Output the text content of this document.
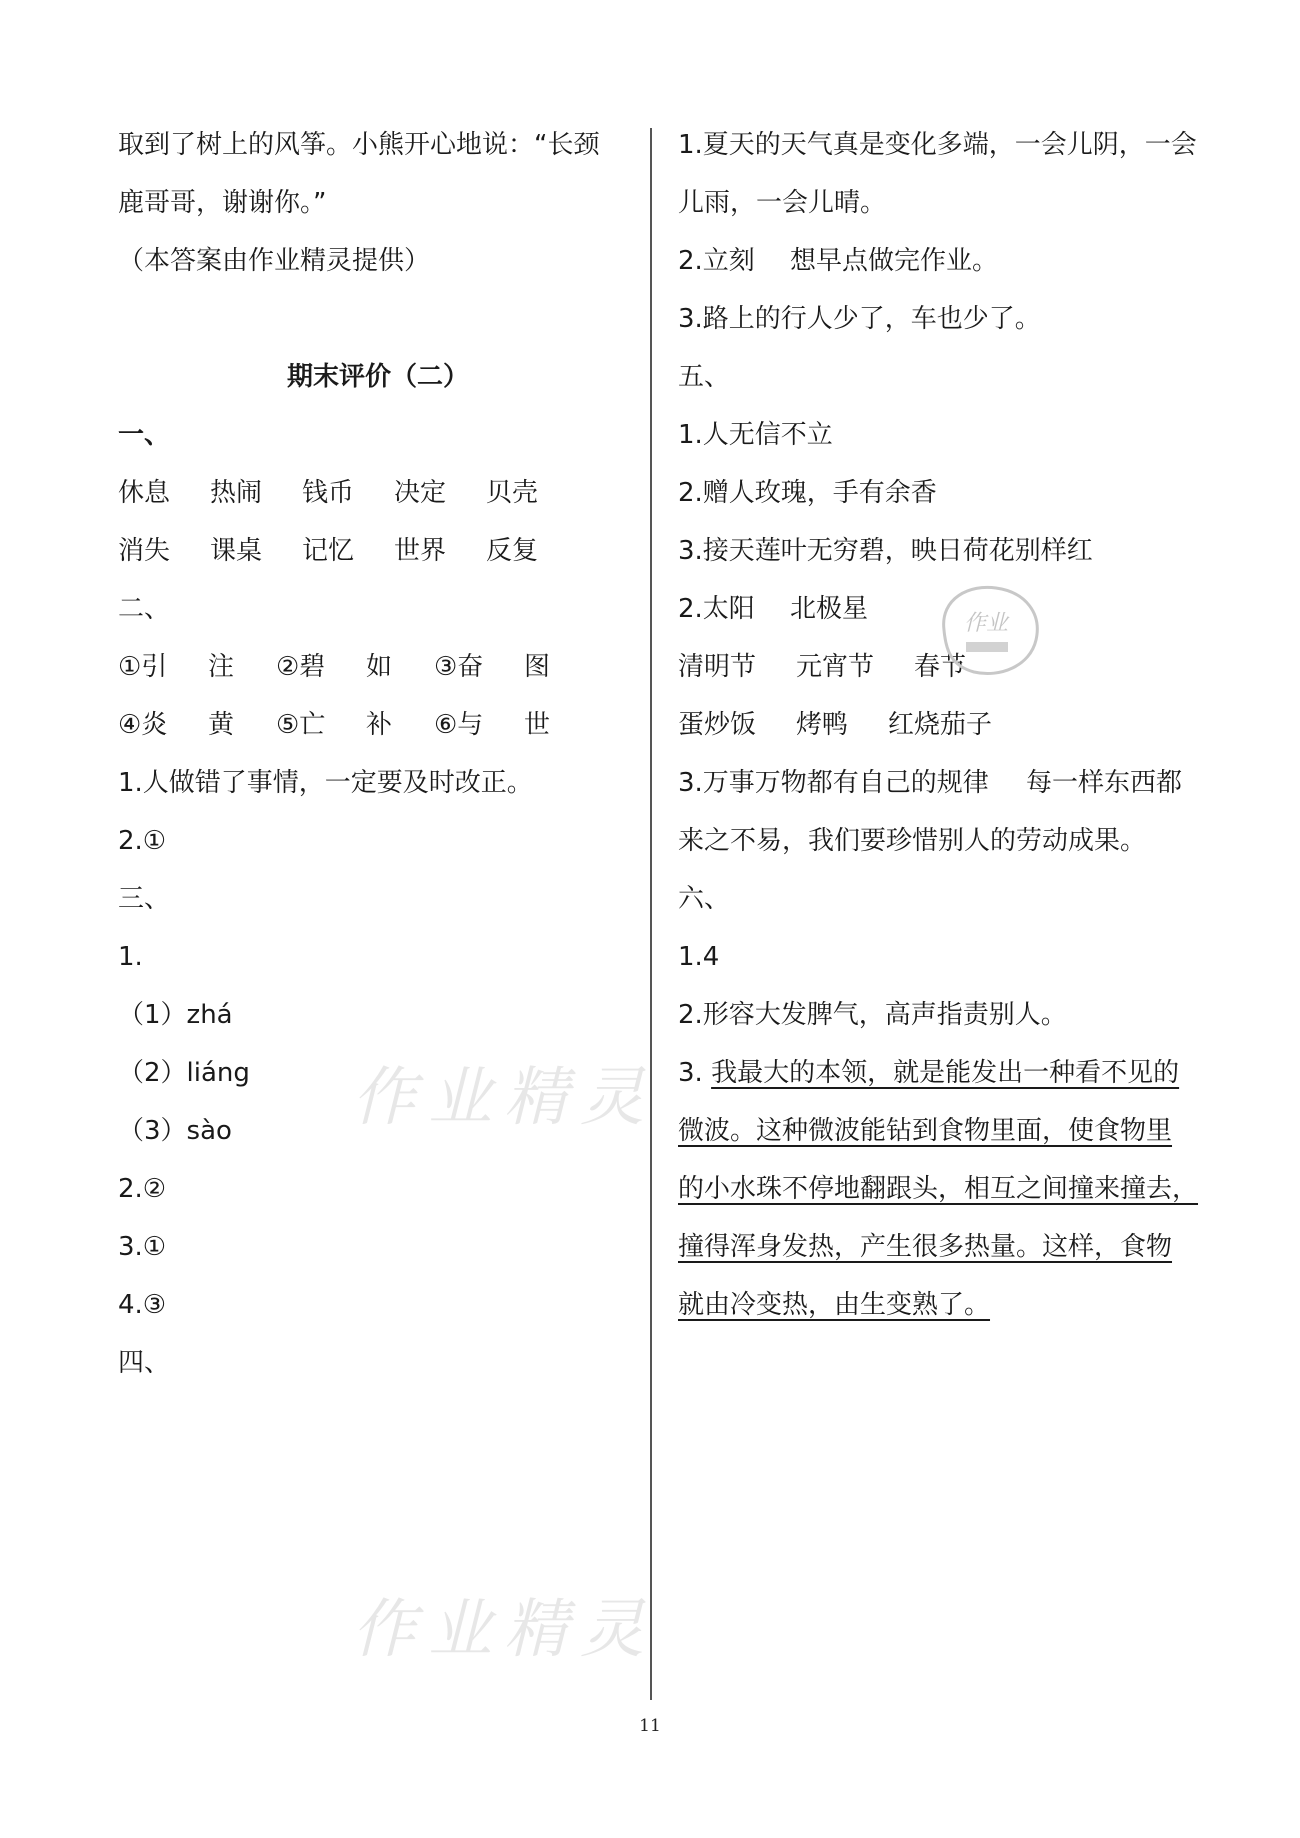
取到了树上的风筝。小熊开心地说：“长颈
鹿哥哥，谢谢你。”
（本答案由作业精灵提供）
期末评价（二）
一、
休息	热闹	钱币	决定	贝壳
消失	课桌	记忆	世界	反复
二、
①引	注	②碧	如	③奋	图
④炎	黄	⑤亡	补	⑥与	世
1.人做错了事情，一定要及时改正。
2.①
三、
1.
（1）zhá
（2）liáng
（3）sào
2.②
3.①
4.③
四、
1.夏天的天气真是变化多端，一会儿阴，一会
儿雨，一会儿晴。
2.立刻	想早点做完作业。
3.路上的行人少了，车也少了。
五、
1.人无信不立
2.赠人玫瑰，手有余香
3.接天莲叶无穷碧，映日荷花别样红
2.太阳	北极星
清明节	元宵节	春节
蛋炒饭	烤鸭	红烧茄子
3.万事万物都有自己的规律	每一样东西都
来之不易，我们要珍惜别人的劳动成果。
六、
1.4
2.形容大发脾气，高声指责别人。
3. 我最大的本领，就是能发出一种看不见的
微波。这种微波能钻到食物里面，使食物里
的小水珠不停地翻跟头，相互之间撞来撞去，
撞得浑身发热，产生很多热量。这样，食物
就由冷变热，由生变熟了。
作业精灵
作业精灵
作业
11
